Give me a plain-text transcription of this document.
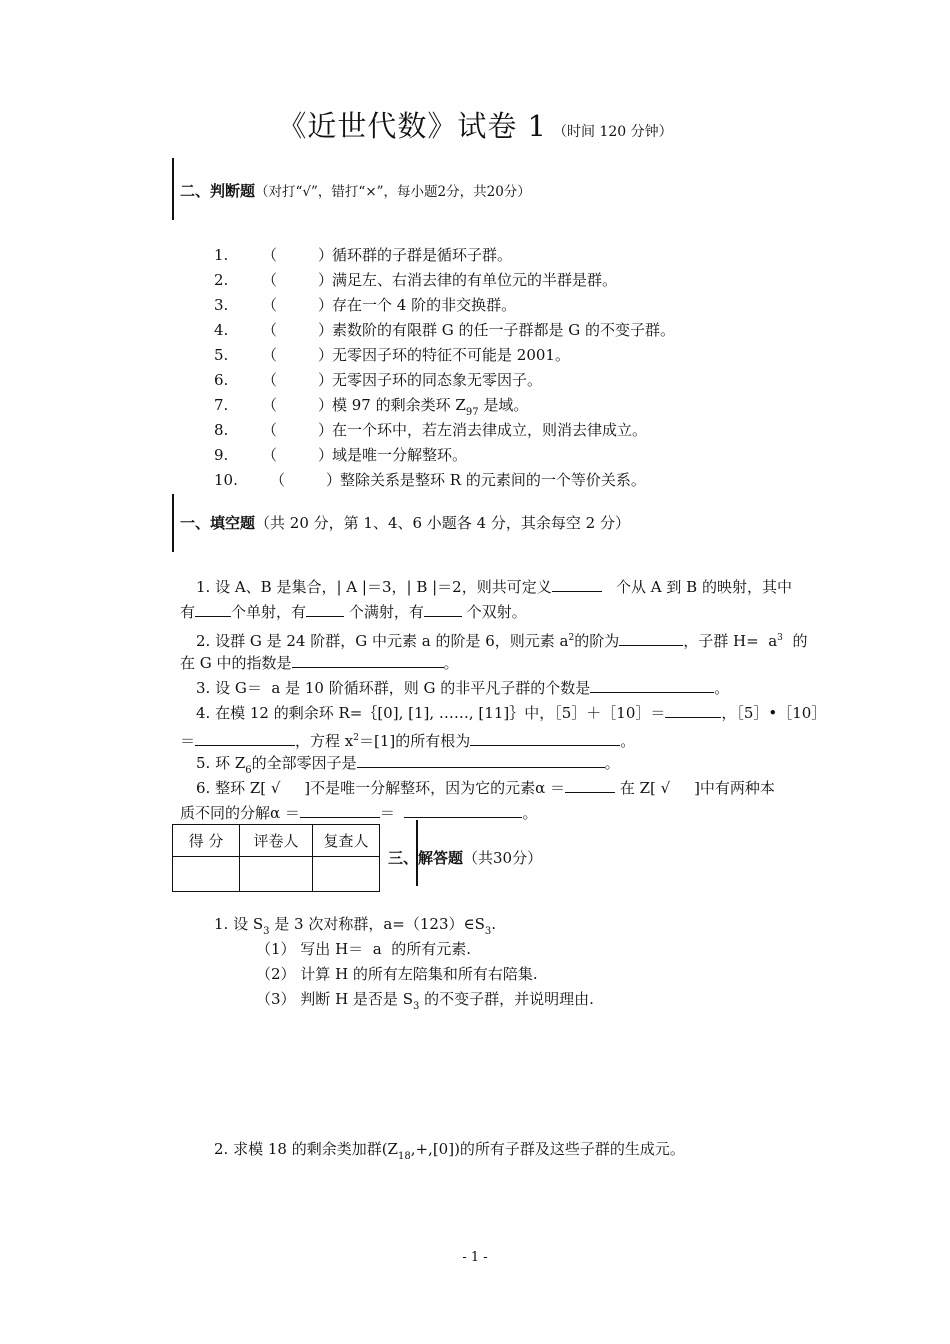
《近世代数》试卷 1 （时间 120 分钟）
二、判断题（对打“√”，错打“×”，每小题2分，共20分）
1. （	）循环群的子群是循环子群。
2. （	）满足左、右消去律的有单位元的半群是群。
3. （	）存在一个 4 阶的非交换群。
4. （	）素数阶的有限群 G 的任一子群都是 G 的不变子群。
5. （	）无零因子环的特征不可能是 2001。
6. （	）无零因子环的同态象无零因子。
7. （	）模 97 的剩余类环 $Z_{97}$ 是域。
8. （	）在一个环中，若左消去律成立，则消去律成立。
9. （	）域是唯一分解整环。
10. （	）整除关系是整环 R 的元素间的一个等价关系。
一、填空题（共 20 分，第 1、4、6 小题各 4 分，其余每空 2 分）
1. 设 A、B 是集合，| A |＝3，| B |＝2，则共可定义	个从 A 到 B 的映射，其中
有 个单射，有	个满射，有	个双射。
2. 设群 G 是 24 阶群，G 中元素 a 的阶是 6，则元素 $a^2$的阶为	，子群 $H= a^3$ 的
在 G 中的指数是	。
3. 设 G＝ a 是 10 阶循环群，则 G 的非平凡子群的个数是	。
4. 在模 12 的剩余环 R=｛[0], [1], ……, [11]｝中，［5］＋［10］＝	，［5］•［10］
＝	，方程 $x^2=[1]$的所有根为	。
5. 环 $Z_6$的全部零因子是	。
6. 整环 Z[ √ ]不是唯一分解整环，因为它的元素α ＝	在 Z[ √ ]中有两种本
质不同的分解α ＝	＝	。
得 分	评卷人	复查人

三、解答题（共30分）
1. 设 $S_3$ 是 3 次对称群，$a=(123)\in S_3$.
（1） 写出 H＝ a 的所有元素.
（2） 计算 H 的所有左陪集和所有右陪集.
（3） 判断 H 是否是 $S_3$ 的不变子群，并说明理由.
2. 求模 18 的剩余类加群$(Z_{18},+,[0])$的所有子群及这些子群的生成元。
- 1 -
